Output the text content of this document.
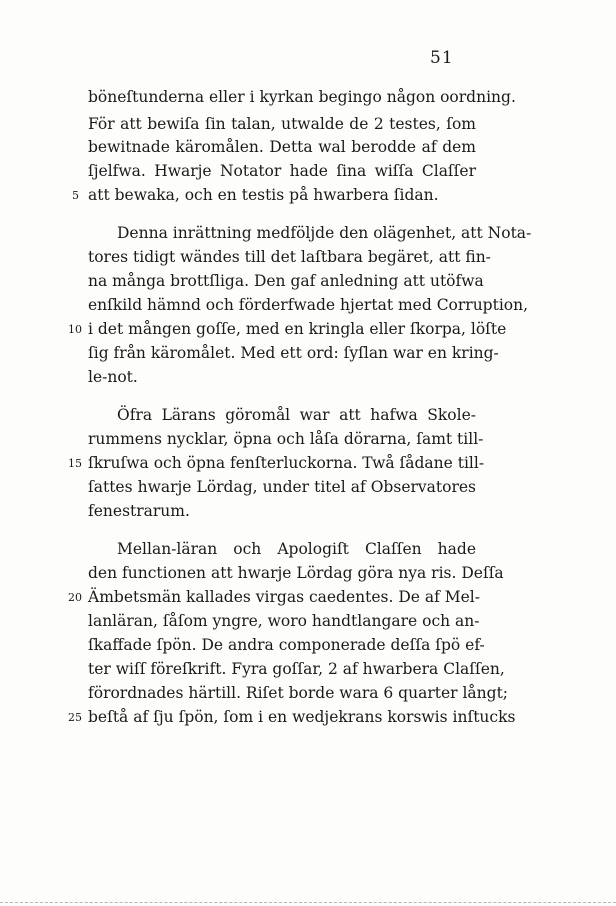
51
böneſtunderna eller i kyrkan begingo någon oordning.
För att bewiſa ſin talan, utwalde de 2 testes, ſom
bewitnade käromålen. Detta wal berodde af dem
ſjelfwa. Hwarje Notator hade ſina wiſſa Claſſer
att bewaka, och en testis på hwarbera ſidan.
5
Denna inrättning medföljde den olägenhet, att Nota-
tores tidigt wändes till det laſtbara begäret, att fin-
na många brottſliga. Den gaf anledning att utöfwa
enſkild hämnd och förderfwade hjertat med Corruption,
i det mången goſſe, med en kringla eller ſkorpa, löſte
10
ſig från käromålet. Med ett ord: ſyſlan war en kring-
le-not.
Öfra Lärans göromål war att hafwa Skole-
rummens nycklar, öpna och låſa dörarna, ſamt till-
ſkruſwa och öpna fenſterluckorna. Twå ſådane till-
15
ſattes hwarje Lördag, under titel af Observatores
fenestrarum.
Mellan-läran och Apologiſt Claſſen hade
den functionen att hwarje Lördag göra nya ris. Deſſa
Ämbetsmän kallades virgas caedentes. De af Mel-
20
lanläran, ſåſom yngre, woro handtlangare och an-
ſkaffade ſpön. De andra componerade deſſa ſpö ef-
ter wiſſ föreſkrift. Fyra goſſar, 2 af hwarbera Claſſen,
förordnades härtill. Riſet borde wara 6 quarter långt;
beſtå af ſju ſpön, ſom i en wedjekrans korswis inſtucks
25
